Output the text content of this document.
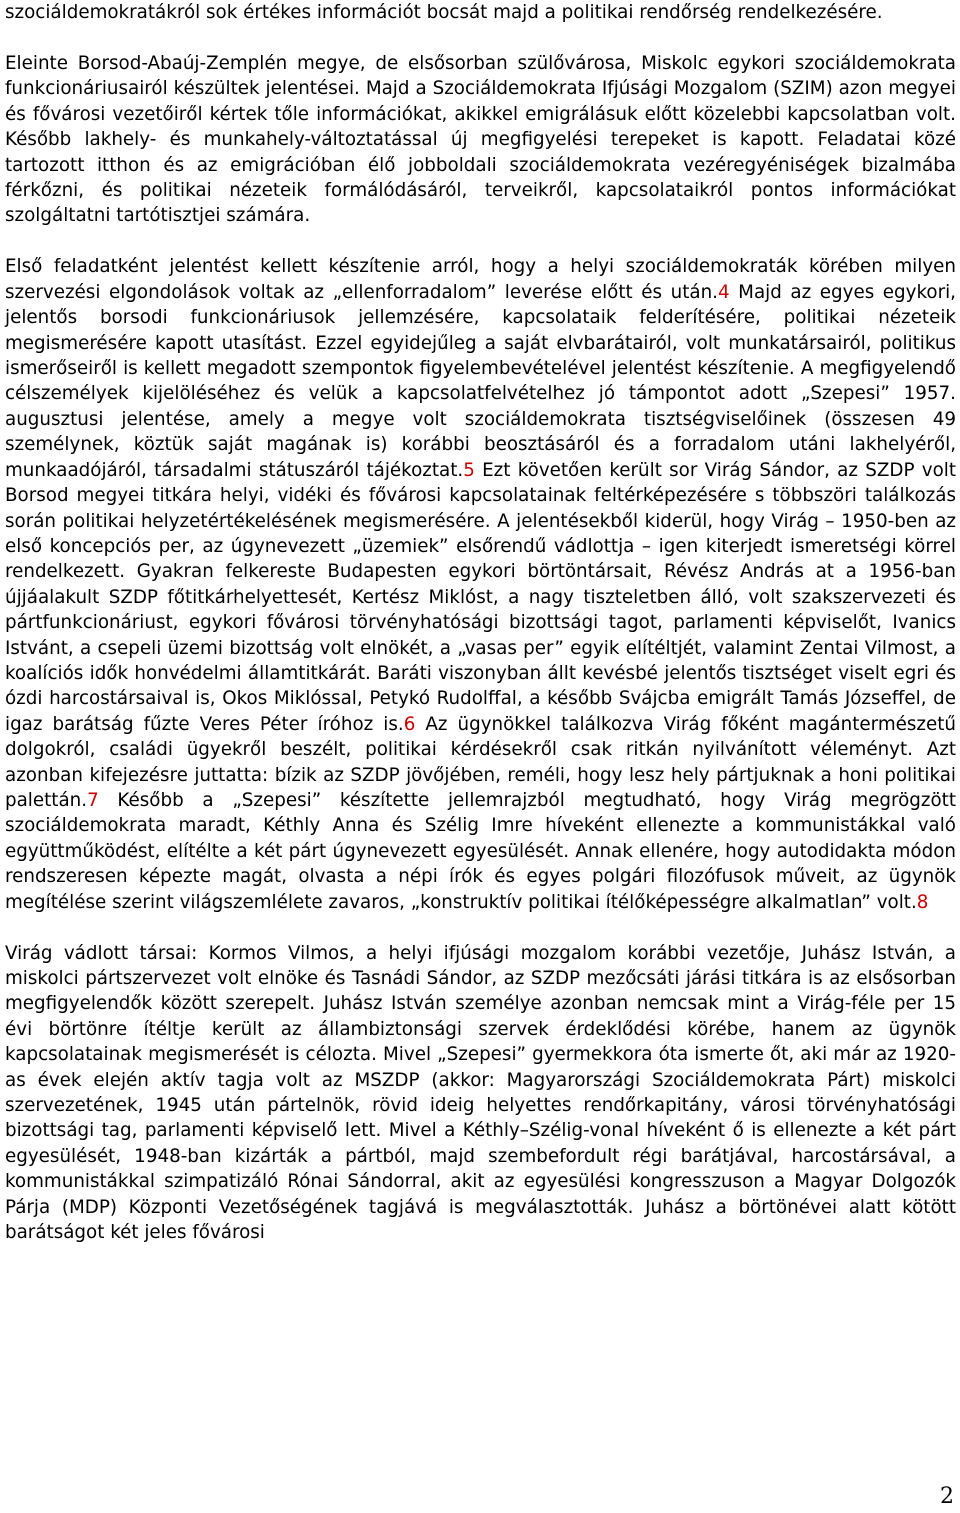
szociáldemokratákról sok értékes információt bocsát majd a politikai rendőrség rendelkezésére.

Eleinte Borsod-Abaúj-Zemplén megye, de elsősorban szülővárosa, Miskolc egykori szociáldemokrata funkcionáriusairól készültek jelentései. Majd a Szociáldemokrata Ifjúsági Mozgalom (SZIM) azon megyei és fővárosi vezetőiről kértek tőle információkat, akikkel emigrálásuk előtt közelebbi kapcsolatban volt. Később lakhely- és munkahely-változtatással új megfigyelési terepeket is kapott. Feladatai közé tartozott itthon és az emigrációban élő jobboldali szociáldemokrata vezéregyéniségek bizalmába férkőzni, és politikai nézeteik formálódásáról, terveikről, kapcsolataikról pontos információkat szolgáltatni tartótisztjei számára.

Első feladatként jelentést kellett készítenie arról, hogy a helyi szociáldemokraták körében milyen szervezési elgondolások voltak az „ellenforradalom” leverése előtt és után.4 Majd az egyes egykori, jelentős borsodi funkcionáriusok jellemzésére, kapcsolataik felderítésére, politikai nézeteik megismerésére kapott utasítást. Ezzel egyidejűleg a saját elvbarátairól, volt munkatársairól, politikus ismerőseiről is kellett megadott szempontok figyelembevételével jelentést készítenie. A megfigyelendő célszemélyek kijelöléséhez és velük a kapcsolatfelvételhez jó támpontot adott „Szepesi” 1957. augusztusi jelentése, amely a megye volt szociáldemokrata tisztségviselőinek (összesen 49 személynek, köztük saját magának is) korábbi beosztásáról és a forradalom utáni lakhelyéről, munkaadójáról, társadalmi státuszáról tájékoztat.5 Ezt követően került sor Virág Sándor, az SZDP volt Borsod megyei titkára helyi, vidéki és fővárosi kapcsolatainak feltérképezésére s többszöri találkozás során politikai helyzetértékelésének megismerésére. A jelentésekből kiderül, hogy Virág – 1950-ben az első koncepciós per, az úgynevezett „üzemiek” elsőrendű vádlottja – igen kiterjedt ismeretségi körrel rendelkezett. Gyakran felkereste Budapesten egykori börtöntársait, Révész András at a 1956-ban újjáalakult SZDP főtitkárhelyettesét, Kertész Miklóst, a nagy tiszteletben álló, volt szakszervezeti és pártfunkcionáriust, egykori fővárosi törvényhatósági bizottsági tagot, parlamenti képviselőt, Ivanics Istvánt, a csepeli üzemi bizottság volt elnökét, a „vasas per” egyik elítéltjét, valamint Zentai Vilmost, a koalíciós idők honvédelmi államtitkárát. Baráti viszonyban állt kevésbé jelentős tisztséget viselt egri és ózdi harcostársaival is, Okos Miklóssal, Petykó Rudolffal, a később Svájcba emigrált Tamás Józseffel, de igaz barátság fűzte Veres Péter íróhoz is.6 Az ügynökkel találkozva Virág főként magántermészetű dolgokról, családi ügyekről beszélt, politikai kérdésekről csak ritkán nyilvánított véleményt. Azt azonban kifejezésre juttatta: bízik az SZDP jövőjében, reméli, hogy lesz hely pártjuknak a honi politikai palettán.7 Később a „Szepesi” készítette jellemrajzból megtudható, hogy Virág megrögzött szociáldemokrata maradt, Kéthly Anna és Szélig Imre híveként ellenezte a kommunistákkal való együttműködést, elítélte a két párt úgynevezett egyesülését. Annak ellenére, hogy autodidakta módon rendszeresen képezte magát, olvasta a népi írók és egyes polgári filozófusok műveit, az ügynök megítélése szerint világszemlélete zavaros, „konstruktív politikai ítélőképességre alkalmatlan” volt.8

Virág vádlott társai: Kormos Vilmos, a helyi ifjúsági mozgalom korábbi vezetője, Juhász István, a miskolci pártszervezet volt elnöke és Tasnádi Sándor, az SZDP mezőcsáti járási titkára is az elsősorban megfigyelendők között szerepelt. Juhász István személye azonban nemcsak mint a Virág-féle per 15 évi börtönre ítéltje került az állambiztonsági szervek érdeklődési körébe, hanem az ügynök kapcsolatainak megismerését is célozta. Mivel „Szepesi” gyermekkora óta ismerte őt, aki már az 1920-as évek elején aktív tagja volt az MSZDP (akkor: Magyarországi Szociáldemokrata Párt) miskolci szervezetének, 1945 után pártelnök, rövid ideig helyettes rendőrkapitány, városi törvényhatósági bizottsági tag, parlamenti képviselő lett. Mivel a Kéthly–Szélig-vonal híveként ő is ellenezte a két párt egyesülését, 1948-ban kizárták a pártból, majd szembefordult régi barátjával, harcostársával, a kommunistákkal szimpatizáló Rónai Sándorral, akit az egyesülési kongresszuson a Magyar Dolgozók Párja (MDP) Központi Vezetőségének tagjává is megválasztották. Juhász a börtönévei alatt kötött barátságot két jeles fővárosi

2
